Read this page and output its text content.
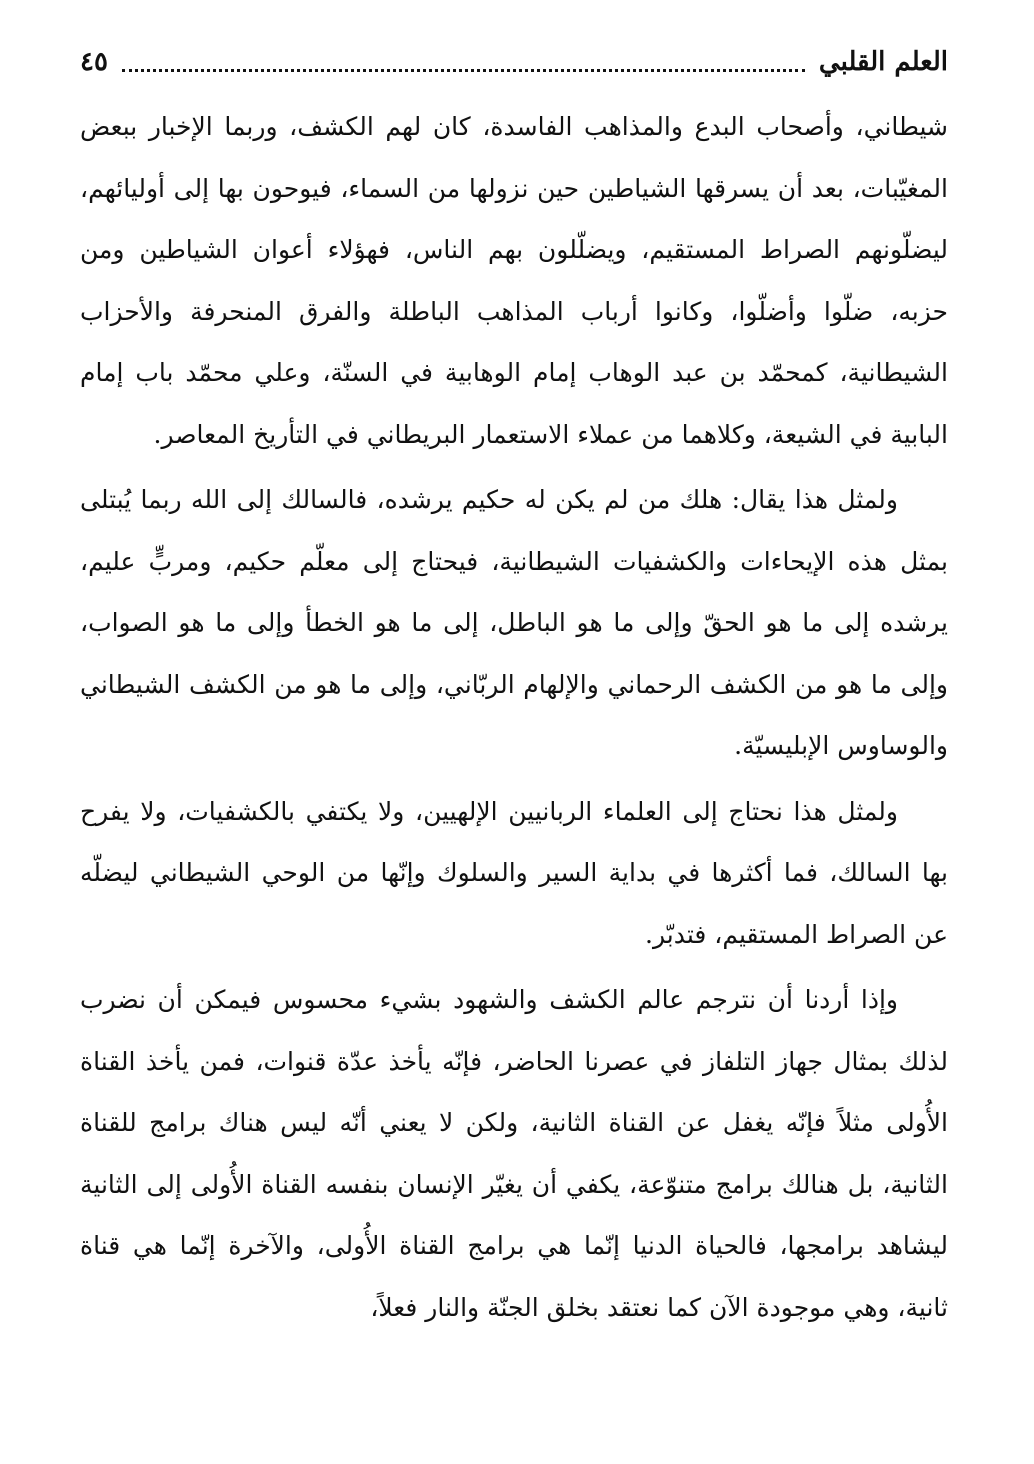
العلم القلبي
٤٥

شيطاني، وأصحاب البدع والمذاهب الفاسدة، كان لهم الكشف، وربما الإخبار ببعض المغيّبات، بعد أن يسرقها الشياطين حين نزولها من السماء، فيوحون بها إلى أوليائهم، ليضلّونهم الصراط المستقيم، ويضلّلون بهم الناس، فهؤلاء أعوان الشياطين ومن حزبه، ضلّوا وأضلّوا، وكانوا أرباب المذاهب الباطلة والفرق المنحرفة والأحزاب الشيطانية، كمحمّد بن عبد الوهاب إمام الوهابية في السنّة، وعلي محمّد باب إمام البابية في الشيعة، وكلاهما من عملاء الاستعمار البريطاني في التأريخ المعاصر.

ولمثل هذا يقال: هلك من لم يكن له حكيم يرشده، فالسالك إلى الله ربما يُبتلى بمثل هذه الإيحاءات والكشفيات الشيطانية، فيحتاج إلى معلّم حكيم، ومربٍّ عليم، يرشده إلى ما هو الحقّ وإلى ما هو الباطل، إلى ما هو الخطأ وإلى ما هو الصواب، وإلى ما هو من الكشف الرحماني والإلهام الربّاني، وإلى ما هو من الكشف الشيطاني والوساوس الإبليسيّة.

ولمثل هذا نحتاج إلى العلماء الربانيين الإلهيين، ولا يكتفي بالكشفيات، ولا يفرح بها السالك، فما أكثرها في بداية السير والسلوك وإنّها من الوحي الشيطاني ليضلّه عن الصراط المستقيم، فتدبّر.

وإذا أردنا أن نترجم عالم الكشف والشهود بشيء محسوس فيمكن أن نضرب لذلك بمثال جهاز التلفاز في عصرنا الحاضر، فإنّه يأخذ عدّة قنوات، فمن يأخذ القناة الأُولى مثلاً فإنّه يغفل عن القناة الثانية، ولكن لا يعني أنّه ليس هناك برامج للقناة الثانية، بل هنالك برامج متنوّعة، يكفي أن يغيّر الإنسان بنفسه القناة الأُولى إلى الثانية ليشاهد برامجها، فالحياة الدنيا إنّما هي برامج القناة الأُولى، والآخرة إنّما هي قناة ثانية، وهي موجودة الآن كما نعتقد بخلق الجنّة والنار فعلاً،
